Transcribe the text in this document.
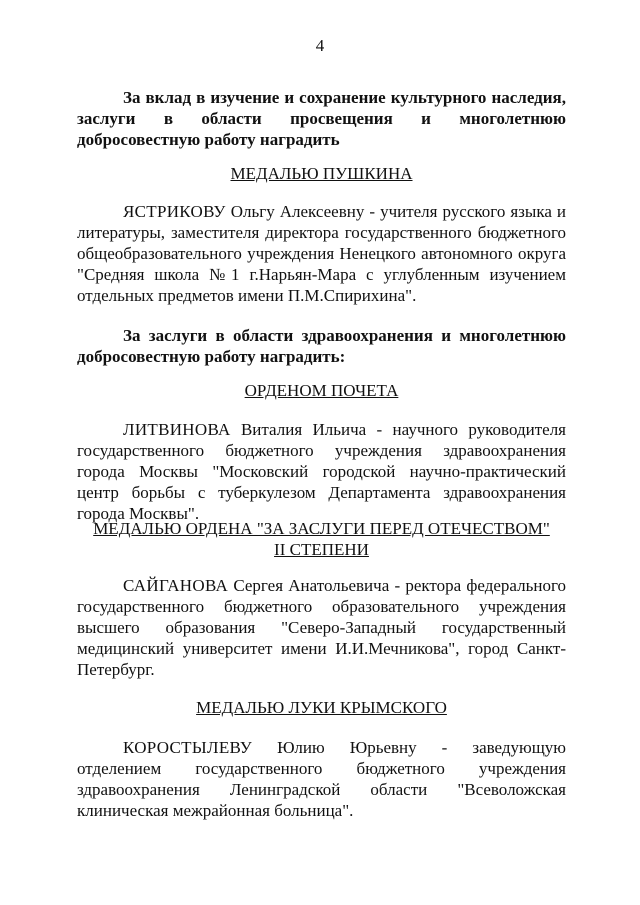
4

За вклад в изучение и сохранение культурного наследия, заслуги в области просвещения и многолетнюю добросовестную работу наградить

МЕДАЛЬЮ ПУШКИНА

ЯСТРИКОВУ Ольгу Алексеевну - учителя русского языка и литературы, заместителя директора государственного бюджетного общеобразовательного учреждения Ненецкого автономного округа "Средняя школа №1 г.Нарьян-Мара с углубленным изучением отдельных предметов имени П.М.Спирихина".

За заслуги в области здравоохранения и многолетнюю добросовестную работу наградить:

ОРДЕНОМ ПОЧЕТА

ЛИТВИНОВА Виталия Ильича - научного руководителя государственного бюджетного учреждения здравоохранения города Москвы "Московский городской научно-практический центр борьбы с туберкулезом Департамента здравоохранения города Москвы".

МЕДАЛЬЮ ОРДЕНА "ЗА ЗАСЛУГИ ПЕРЕД ОТЕЧЕСТВОМ"

II СТЕПЕНИ

САЙГАНОВА Сергея Анатольевича - ректора федерального государственного бюджетного образовательного учреждения высшего образования "Северо-Западный государственный медицинский университет имени И.И.Мечникова", город Санкт-Петербург.

МЕДАЛЬЮ ЛУКИ КРЫМСКОГО

КОРОСТЫЛЕВУ Юлию Юрьевну - заведующую отделением государственного бюджетного учреждения здравоохранения Ленинградской области "Всеволожская клиническая межрайонная больница".
